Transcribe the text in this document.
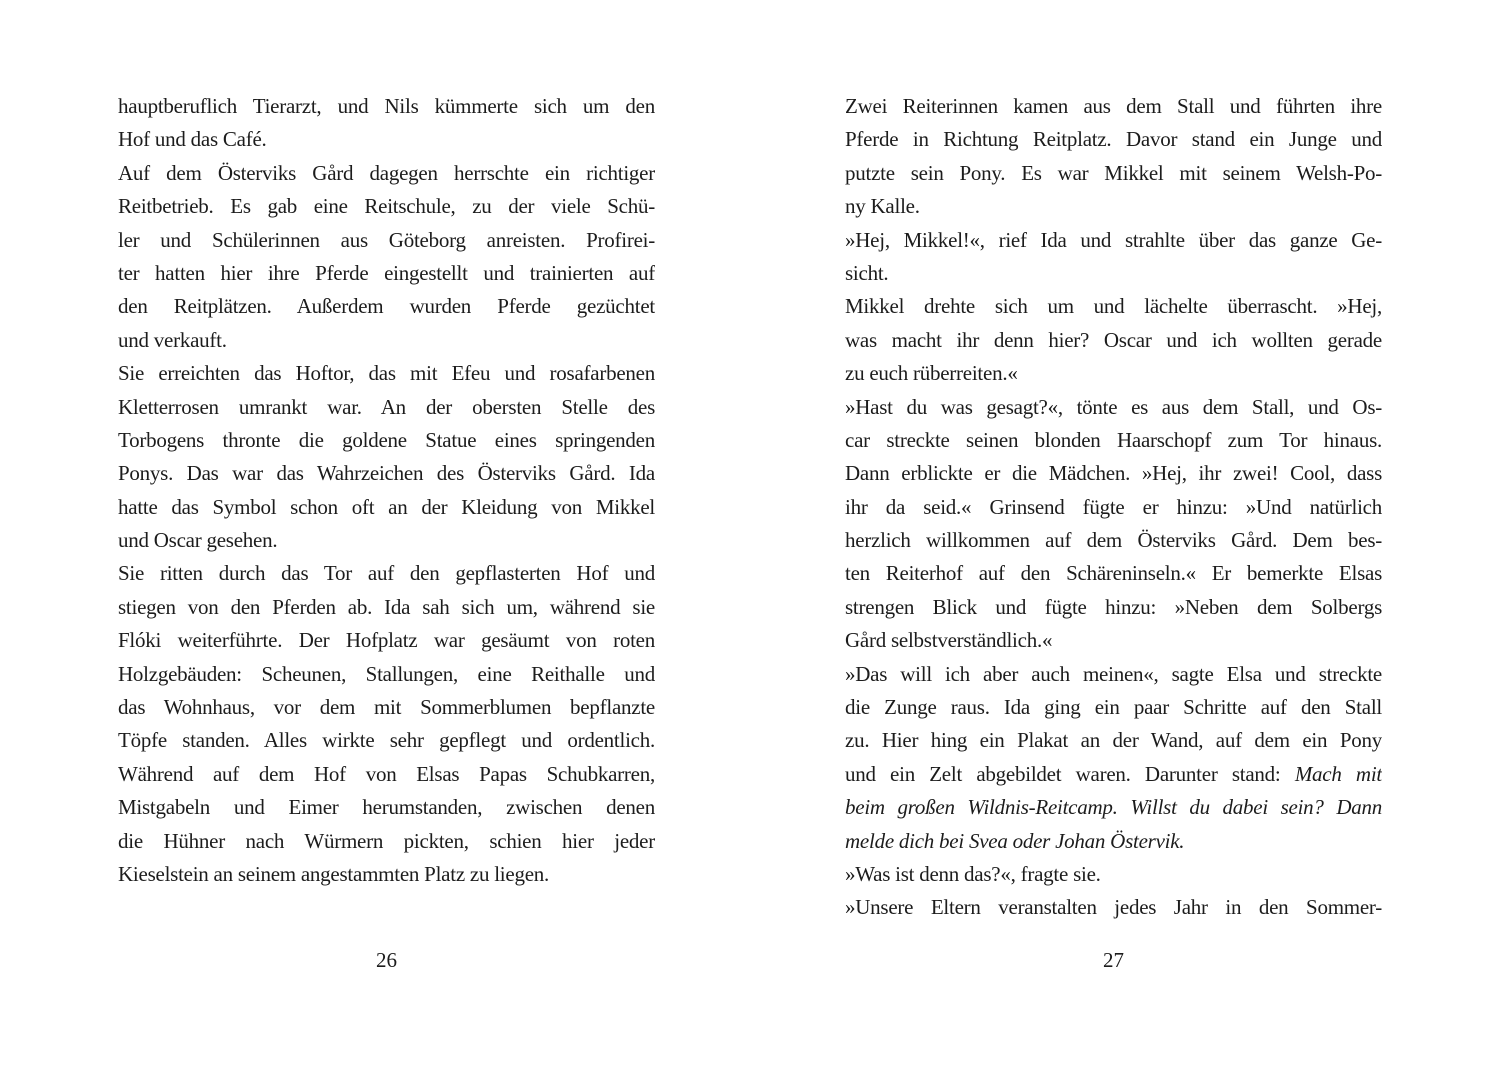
hauptberuflich Tierarzt, und Nils kümmerte sich um den
Hof und das Café.
Auf dem Österviks Gård dagegen herrschte ein richtiger
Reitbetrieb. Es gab eine Reitschule, zu der viele Schü-
ler und Schülerinnen aus Göteborg anreisten. Profirei-
ter hatten hier ihre Pferde eingestellt und trainierten auf
den Reitplätzen. Außerdem wurden Pferde gezüchtet
und verkauft.
Sie erreichten das Hoftor, das mit Efeu und rosafarbenen
Kletterrosen umrankt war. An der obersten Stelle des
Torbogens thronte die goldene Statue eines springenden
Ponys. Das war das Wahrzeichen des Österviks Gård. Ida
hatte das Symbol schon oft an der Kleidung von Mikkel
und Oscar gesehen.
Sie ritten durch das Tor auf den gepflasterten Hof und
stiegen von den Pferden ab. Ida sah sich um, während sie
Flóki weiterführte. Der Hofplatz war gesäumt von roten
Holzgebäuden: Scheunen, Stallungen, eine Reithalle und
das Wohnhaus, vor dem mit Sommerblumen bepflanzte
Töpfe standen. Alles wirkte sehr gepflegt und ordentlich.
Während auf dem Hof von Elsas Papas Schubkarren,
Mistgabeln und Eimer herumstanden, zwischen denen
die Hühner nach Würmern pickten, schien hier jeder
Kieselstein an seinem angestammten Platz zu liegen.
26
Zwei Reiterinnen kamen aus dem Stall und führten ihre
Pferde in Richtung Reitplatz. Davor stand ein Junge und
putzte sein Pony. Es war Mikkel mit seinem Welsh-Po-
ny Kalle.
»Hej, Mikkel!«, rief Ida und strahlte über das ganze Ge-
sicht.
Mikkel drehte sich um und lächelte überrascht. »Hej,
was macht ihr denn hier? Oscar und ich wollten gerade
zu euch rüberreiten.«
»Hast du was gesagt?«, tönte es aus dem Stall, und Os-
car streckte seinen blonden Haarschopf zum Tor hinaus.
Dann erblickte er die Mädchen. »Hej, ihr zwei! Cool, dass
ihr da seid.« Grinsend fügte er hinzu: »Und natürlich
herzlich willkommen auf dem Österviks Gård. Dem bes-
ten Reiterhof auf den Schäreninseln.« Er bemerkte Elsas
strengen Blick und fügte hinzu: »Neben dem Solbergs
Gård selbstverständlich.«
»Das will ich aber auch meinen«, sagte Elsa und streckte
die Zunge raus. Ida ging ein paar Schritte auf den Stall
zu. Hier hing ein Plakat an der Wand, auf dem ein Pony
und ein Zelt abgebildet waren. Darunter stand: Mach mit
beim großen Wildnis-Reitcamp. Willst du dabei sein? Dann
melde dich bei Svea oder Johan Östervik.
»Was ist denn das?«, fragte sie.
»Unsere Eltern veranstalten jedes Jahr in den Sommer-
27
